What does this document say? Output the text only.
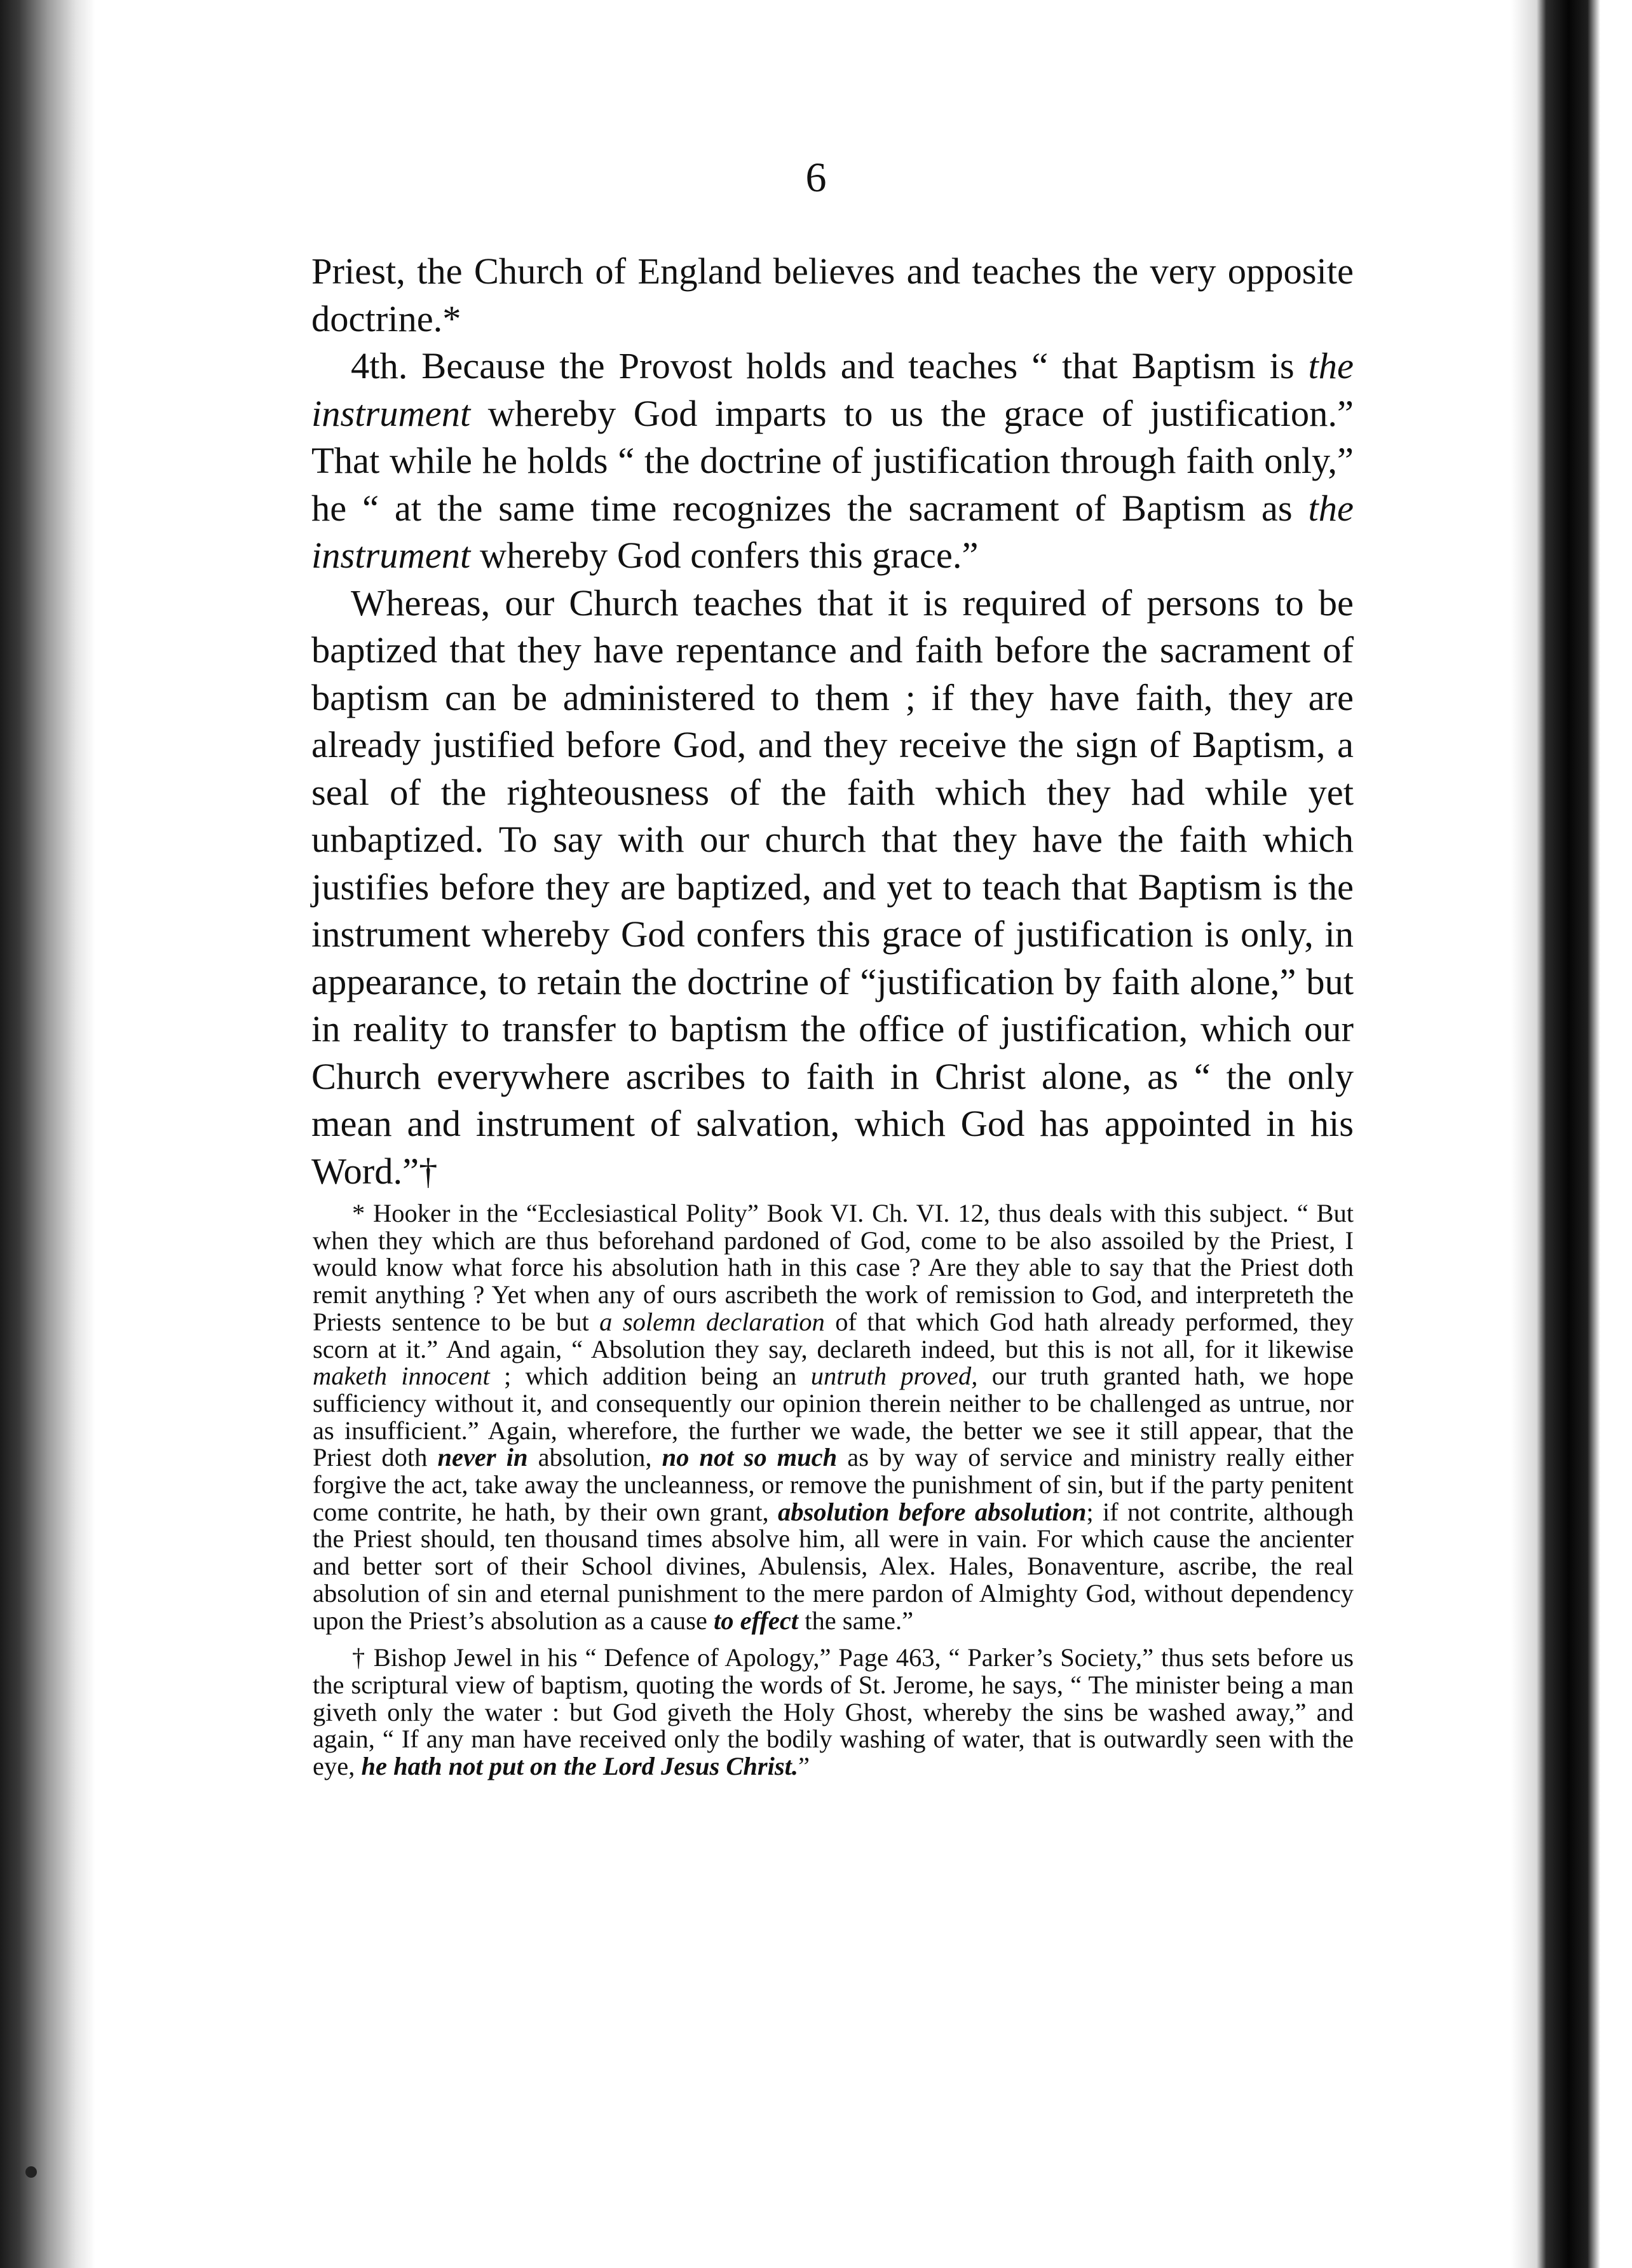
6

Priest, the Church of England believes and teaches the very opposite doctrine.*

4th. Because the Provost holds and teaches “ that Baptism is the instrument whereby God imparts to us the grace of justification.” That while he holds “ the doctrine of justification through faith only,” he “ at the same time recognizes the sacrament of Baptism as the instrument whereby God confers this grace.”

Whereas, our Church teaches that it is required of persons to be baptized that they have repentance and faith before the sacrament of baptism can be administered to them ; if they have faith, they are already justified before God, and they receive the sign of Baptism, a seal of the righteousness of the faith which they had while yet unbaptized. To say with our church that they have the faith which justifies before they are baptized, and yet to teach that Baptism is the instrument whereby God confers this grace of justification is only, in appearance, to retain the doctrine of “justification by faith alone,” but in reality to transfer to baptism the office of justification, which our Church everywhere ascribes to faith in Christ alone, as “ the only mean and instrument of salvation, which God has appointed in his Word.”†

* Hooker in the “Ecclesiastical Polity” Book VI. Ch. VI. 12, thus deals with this subject. “ But when they which are thus beforehand pardoned of God, come to be also assoiled by the Priest, I would know what force his absolution hath in this case ? Are they able to say that the Priest doth remit anything ? Yet when any of ours ascribeth the work of remission to God, and interpreteth the Priests sentence to be but a solemn declaration of that which God hath already performed, they scorn at it.” And again, “ Absolution they say, declareth indeed, but this is not all, for it likewise maketh innocent ; which addition being an untruth proved, our truth granted hath, we hope sufficiency without it, and consequently our opinion therein neither to be challenged as untrue, nor as insufficient.” Again, wherefore, the further we wade, the better we see it still appear, that the Priest doth never in absolution, no not so much as by way of service and ministry really either forgive the act, take away the uncleanness, or remove the punishment of sin, but if the party penitent come contrite, he hath, by their own grant, absolution before absolution; if not contrite, although the Priest should, ten thousand times absolve him, all were in vain. For which cause the ancienter and better sort of their School divines, Abulensis, Alex. Hales, Bonaventure, ascribe, the real absolution of sin and eternal punishment to the mere pardon of Almighty God, without dependency upon the Priest’s absolution as a cause to effect the same.”

† Bishop Jewel in his “ Defence of Apology,” Page 463, “ Parker’s Society,” thus sets before us the scriptural view of baptism, quoting the words of St. Jerome, he says, “ The minister being a man giveth only the water : but God giveth the Holy Ghost, whereby the sins be washed away,” and again, “ If any man have received only the bodily washing of water, that is outwardly seen with the eye, he hath not put on the Lord Jesus Christ.”
